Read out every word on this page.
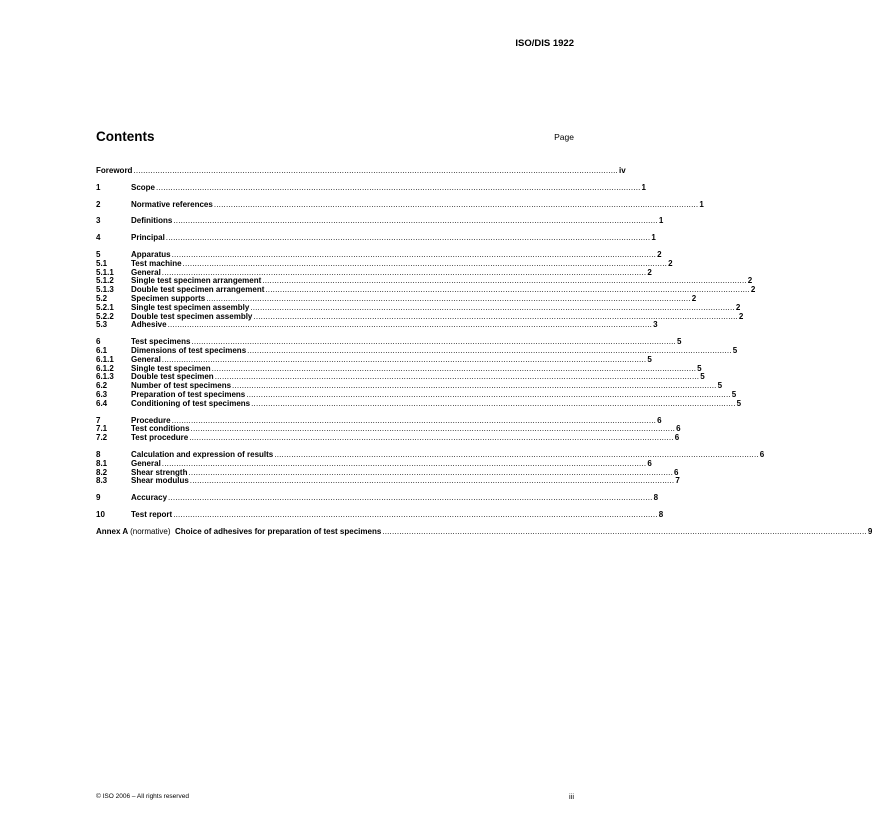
ISO/DIS 1922
Contents	Page
Foreword ........................................................................................................................................................................................................ iv
1	Scope ........................................................................................................................................................................................................ 1
2	Normative references ........................................................................................................................................................................................................ 1
3	Definitions ........................................................................................................................................................................................................ 1
4	Principal ........................................................................................................................................................................................................ 1
5	Apparatus ........................................................................................................................................................................................................ 2
5.1	Test machine ........................................................................................................................................................................................................ 2
5.1.1	General ........................................................................................................................................................................................................ 2
5.1.2	Single test specimen arrangement ........................................................................................................................................................................................................ 2
5.1.3	Double test specimen arrangement ........................................................................................................................................................................................................ 2
5.2	Specimen supports ........................................................................................................................................................................................................ 2
5.2.1	Single test specimen assembly ........................................................................................................................................................................................................ 2
5.2.2	Double test specimen assembly ........................................................................................................................................................................................................ 2
5.3	Adhesive ........................................................................................................................................................................................................ 3
6	Test specimens ........................................................................................................................................................................................................ 5
6.1	Dimensions of test specimens ........................................................................................................................................................................................................ 5
6.1.1	General ........................................................................................................................................................................................................ 5
6.1.2	Single test specimen ........................................................................................................................................................................................................ 5
6.1.3	Double test specimen ........................................................................................................................................................................................................ 5
6.2	Number of test specimens ........................................................................................................................................................................................................ 5
6.3	Preparation of test specimens ........................................................................................................................................................................................................ 5
6.4	Conditioning of test specimens ........................................................................................................................................................................................................ 5
7	Procedure ........................................................................................................................................................................................................ 6
7.1	Test conditions ........................................................................................................................................................................................................ 6
7.2	Test procedure ........................................................................................................................................................................................................ 6
8	Calculation and expression of results ........................................................................................................................................................................................................ 6
8.1	General ........................................................................................................................................................................................................ 6
8.2	Shear strength ........................................................................................................................................................................................................ 6
8.3	Shear modulus ........................................................................................................................................................................................................ 7
9	Accuracy ........................................................................................................................................................................................................ 8
10	Test report ........................................................................................................................................................................................................ 8
Annex A (normative) Choice of adhesives for preparation of test specimens ........................................................................................................................................................................................................ 9
© ISO 2006 – All rights reserved	iii
